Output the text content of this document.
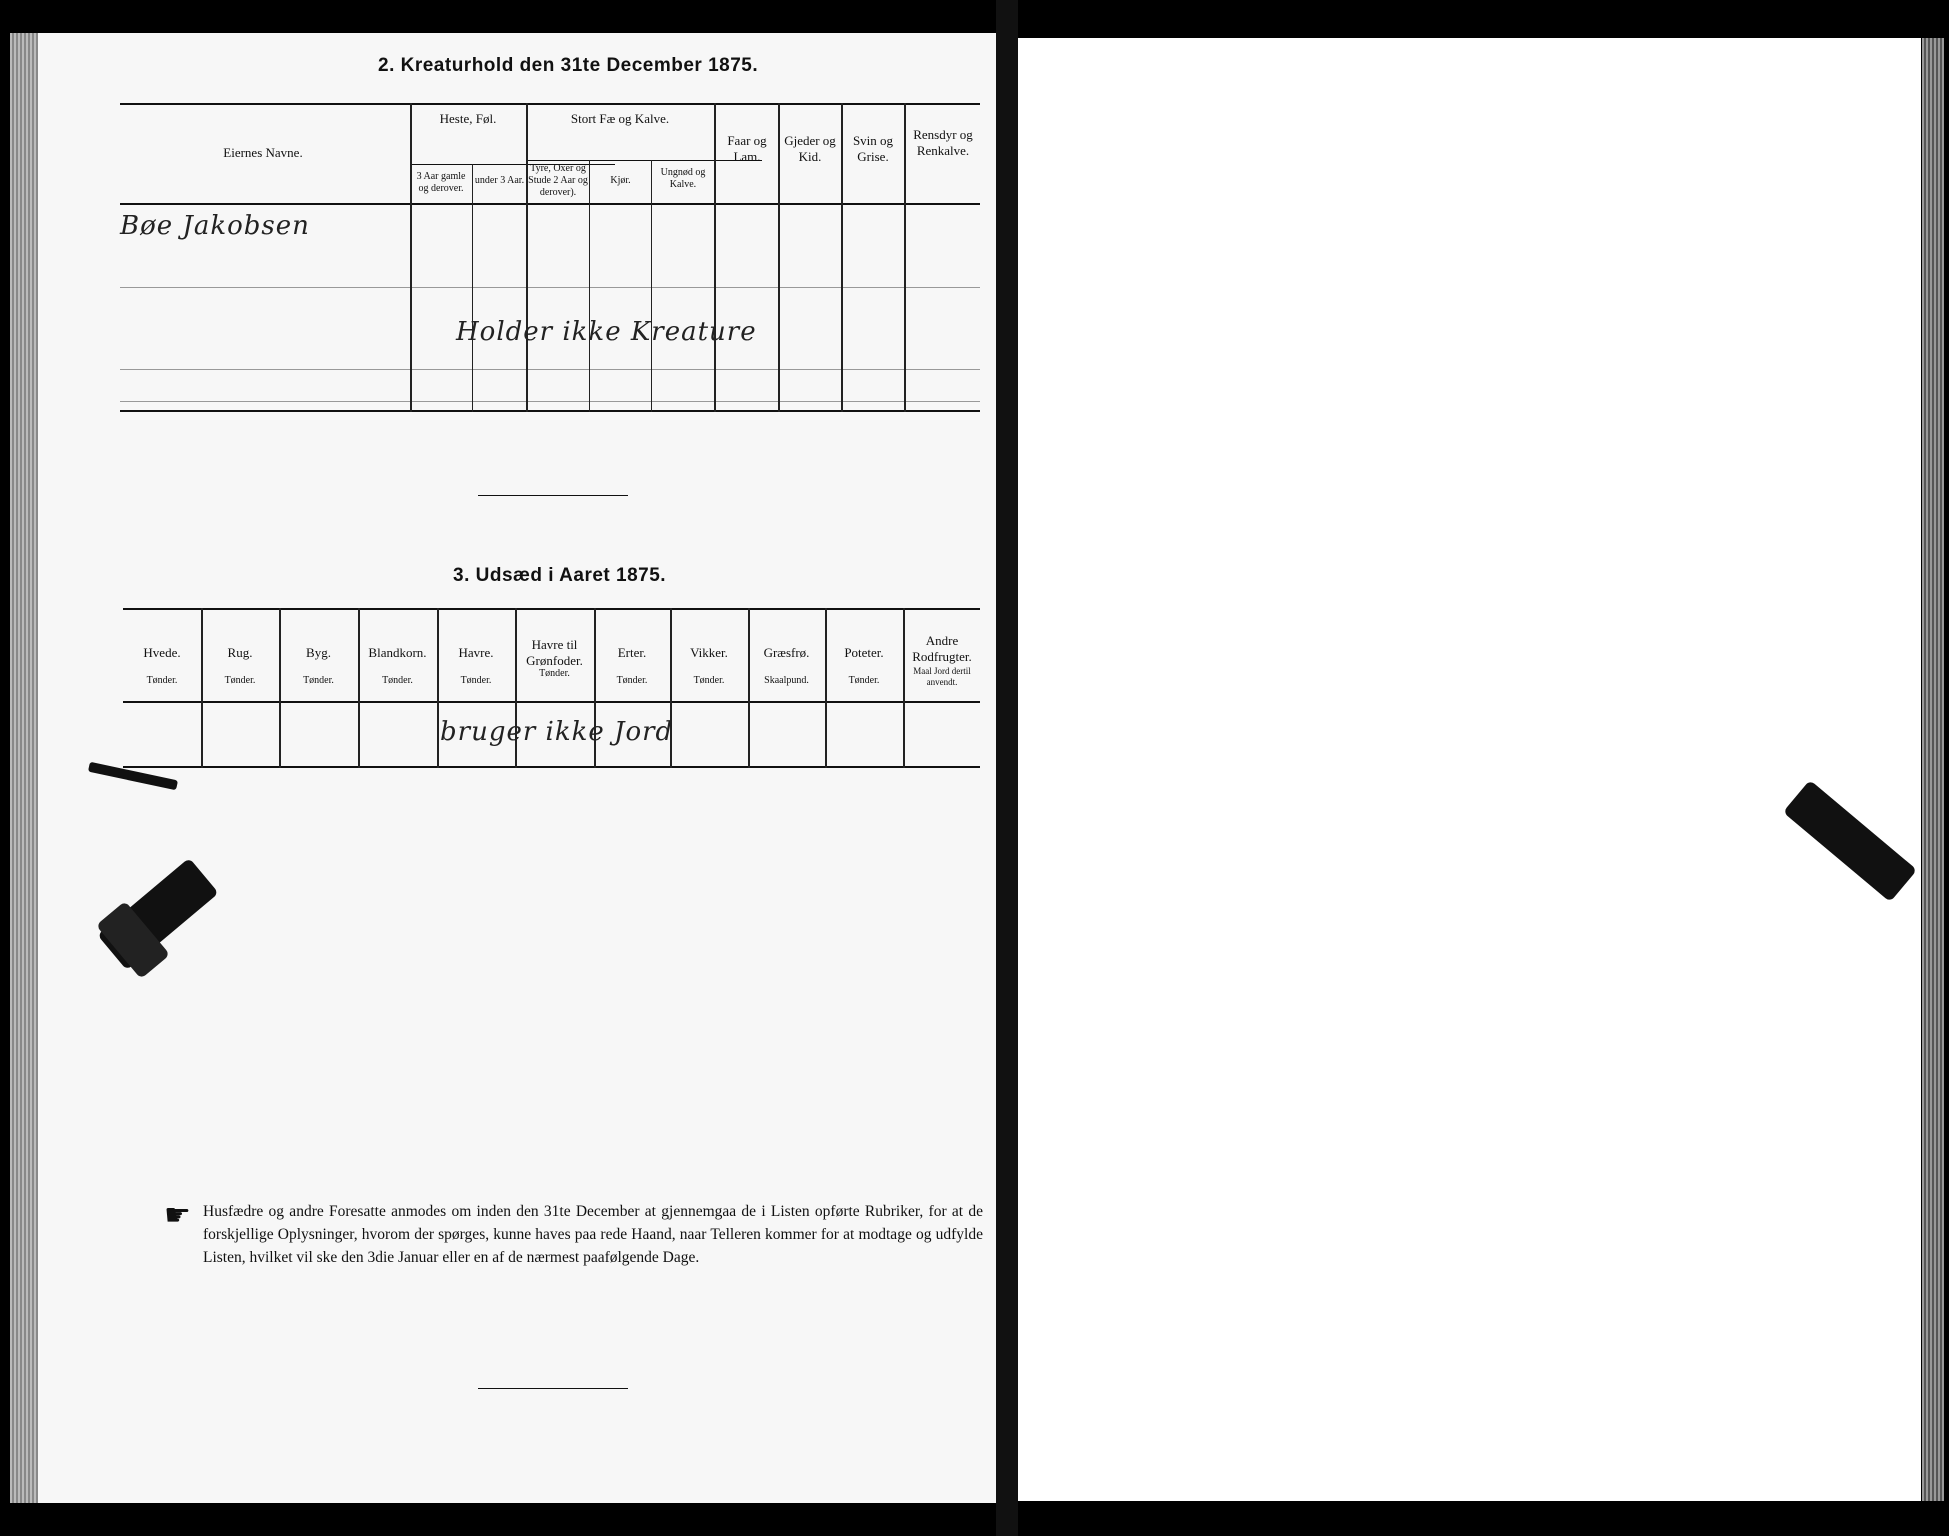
2. Kreaturhold den 31te December 1875.
Eiernes Navne.
Heste, Føl.
3 Aar gamle og derover.
under 3 Aar.
Stort Fæ og Kalve.
Tyre, Oxer og Stude 2 Aar og derover).
Kjør.
Ungnød og Kalve.
Faar og Lam.
Gjeder og Kid.
Svin og Grise.
Rensdyr og Renkalve.
Bøe Jakobsen
Holder ikke Kreature
3. Udsæd i Aaret 1875.
Hvede.
Tønder.
Rug.
Tønder.
Byg.
Tønder.
Blandkorn.
Tønder.
Havre.
Tønder.
Havre til Grønfoder.
Tønder.
Erter.
Tønder.
Vikker.
Tønder.
Græsfrø.
Skaalpund.
Poteter.
Tønder.
Andre Rodfrugter.
Maal Jord dertil anvendt.
bruger ikke Jord
☛ Husfædre og andre Foresatte anmodes om inden den 31te December at gjennemgaa de i Listen opførte Rubriker, for at de forskjellige Oplysninger, hvorom der spørges, kunne haves paa rede Haand, naar Telleren kommer for at modtage og udfylde Listen, hvilket vil ske den 3die Januar eller en af de nærmest paafølgende Dage.
